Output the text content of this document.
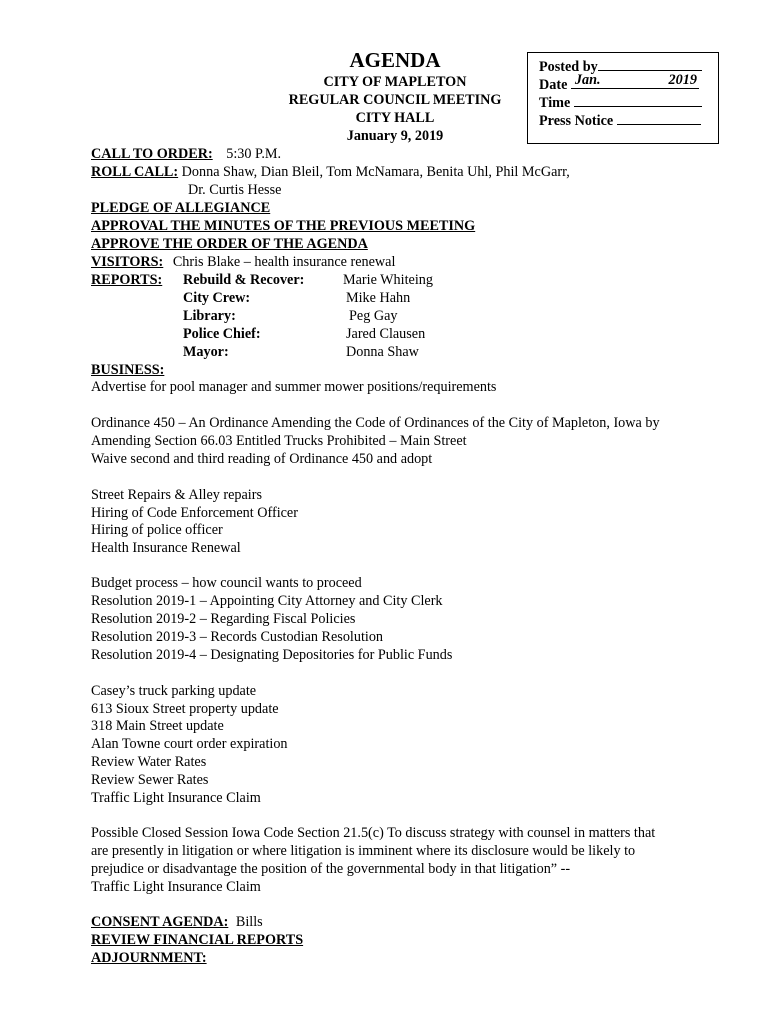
AGENDA
CITY OF MAPLETON
REGULAR COUNCIL MEETING
CITY HALL
January 9, 2019
Posted by
Date Jan.	2019
Time
Press Notice
CALL TO ORDER: 5:30 P.M.
ROLL CALL: Donna Shaw, Dian Bleil, Tom McNamara, Benita Uhl, Phil McGarr,
Dr. Curtis Hesse
PLEDGE OF ALLEGIANCE
APPROVAL THE MINUTES OF THE PREVIOUS MEETING
APPROVE THE ORDER OF THE AGENDA
VISITORS: Chris Blake – health insurance renewal
REPORTS: Rebuild & Recover:	Marie Whiteing
City Crew:	Mike Hahn
Library:	Peg Gay
Police Chief:	Jared Clausen
Mayor:	Donna Shaw
BUSINESS:
Advertise for pool manager and summer mower positions/requirements
Ordinance 450 – An Ordinance Amending the Code of Ordinances of the City of Mapleton, Iowa by
Amending Section 66.03 Entitled Trucks Prohibited – Main Street
Waive second and third reading of Ordinance 450 and adopt
Street Repairs & Alley repairs
Hiring of Code Enforcement Officer
Hiring of police officer
Health Insurance Renewal
Budget process – how council wants to proceed
Resolution 2019-1 – Appointing City Attorney and City Clerk
Resolution 2019-2 – Regarding Fiscal Policies
Resolution 2019-3 – Records Custodian Resolution
Resolution 2019-4 – Designating Depositories for Public Funds
Casey’s truck parking update
613 Sioux Street property update
318 Main Street update
Alan Towne court order expiration
Review Water Rates
Review Sewer Rates
Traffic Light Insurance Claim
Possible Closed Session Iowa Code Section 21.5(c) To discuss strategy with counsel in matters that
are presently in litigation or where litigation is imminent where its disclosure would be likely to
prejudice or disadvantage the position of the governmental body in that litigation” --
Traffic Light Insurance Claim
CONSENT AGENDA: Bills
REVIEW FINANCIAL REPORTS
ADJOURNMENT:
